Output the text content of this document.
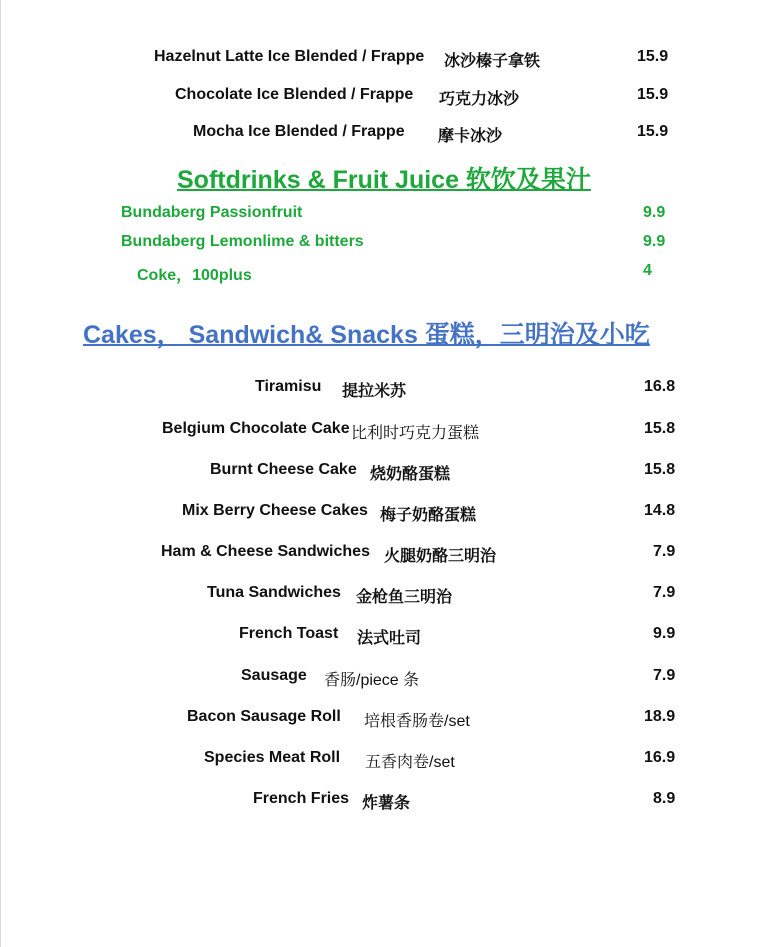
Hazelnut Latte Ice Blended / Frappe 冰沙榛子拿铁	15.9
Chocolate Ice Blended / Frappe 巧克力冰沙	15.9
Mocha Ice Blended / Frappe 摩卡冰沙	15.9
Softdrinks & Fruit Juice 软饮及果汁
Bundaberg Passionfruit	9.9
Bundaberg Lemonlime & bitters	9.9
Coke，100plus	4
Cakes， Sandwich& Snacks 蛋糕，三明治及小吃
Tiramisu 提拉米苏	16.8
Belgium Chocolate Cake 比利时巧克力蛋糕	15.8
Burnt Cheese Cake 烧奶酪蛋糕	15.8
Mix Berry Cheese Cakes 梅子奶酪蛋糕	14.8
Ham & Cheese Sandwiches 火腿奶酪三明治	7.9
Tuna Sandwiches 金枪鱼三明治	7.9
French Toast 法式吐司	9.9
Sausage 香肠/piece 条	7.9
Bacon Sausage Roll 培根香肠卷/set	18.9
Species Meat Roll 五香肉卷/set	16.9
French Fries 炸薯条	8.9
